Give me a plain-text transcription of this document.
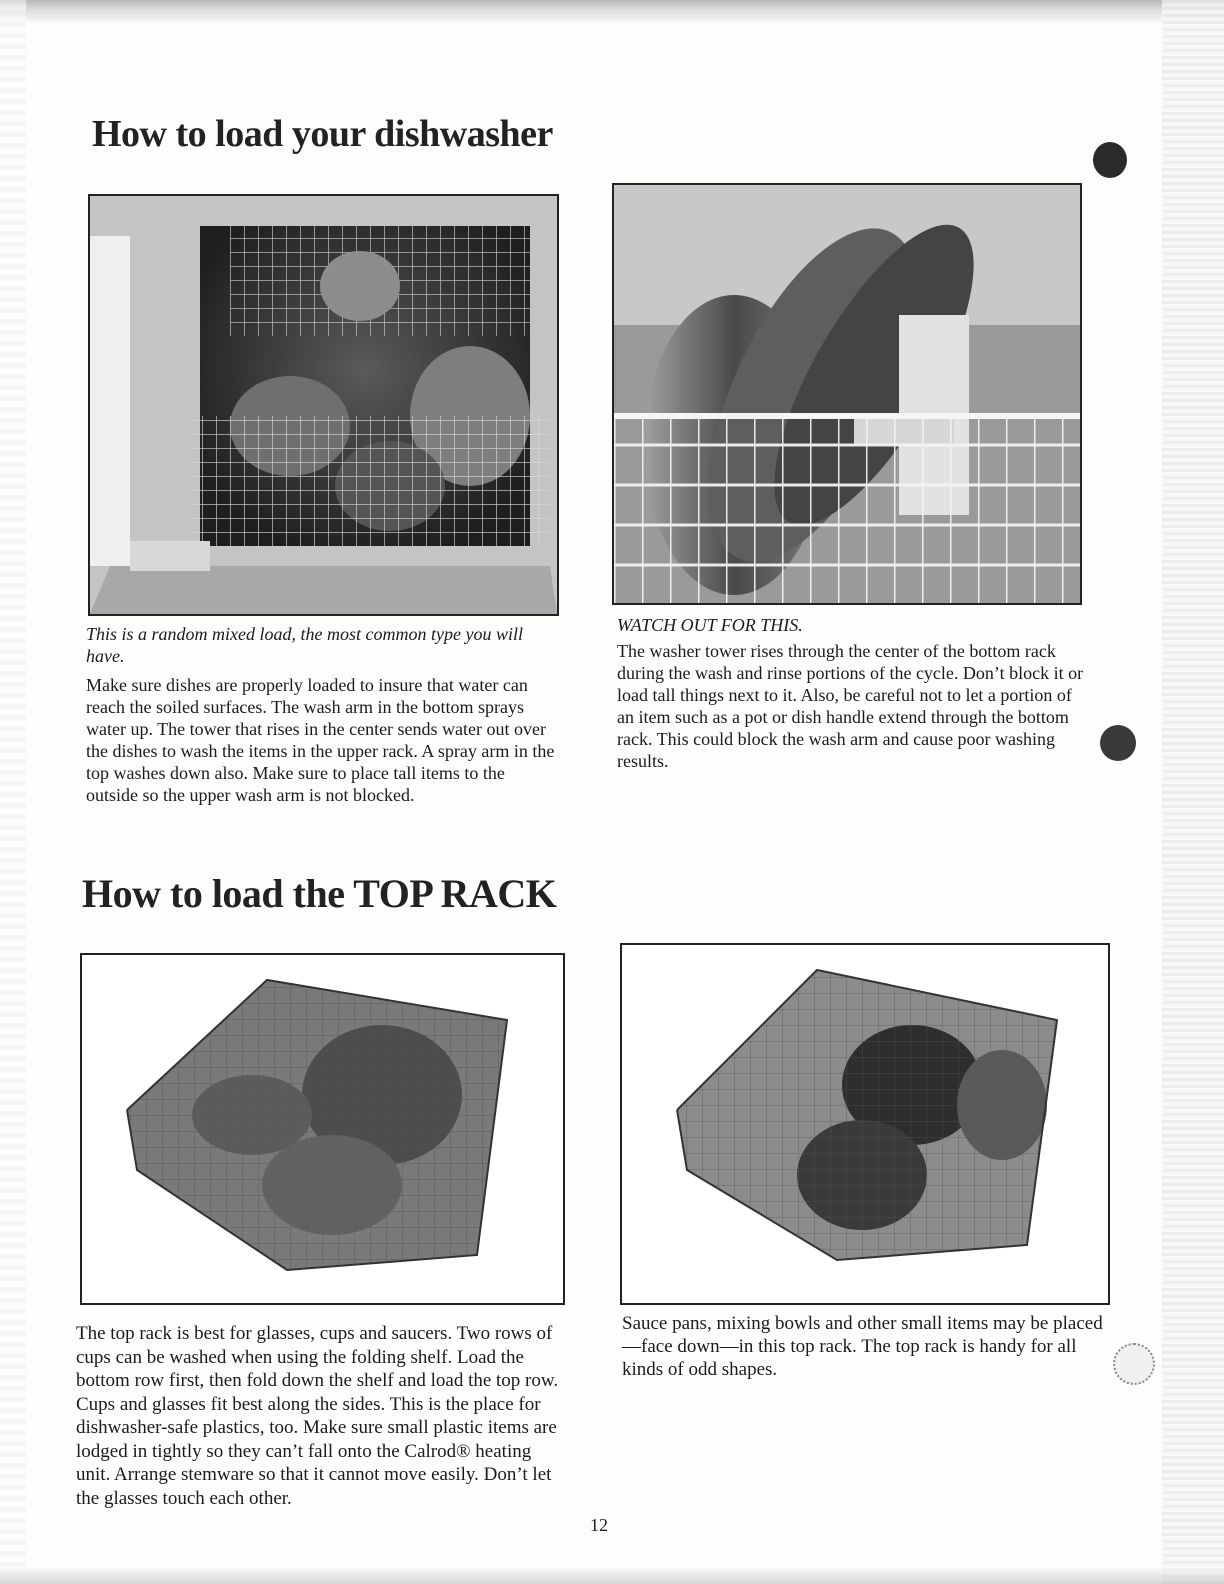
How to load your dishwasher
This is a random mixed load, the most common type you will have.

Make sure dishes are properly loaded to insure that water can reach the soiled surfaces. The wash arm in the bottom sprays water up. The tower that rises in the center sends water out over the dishes to wash the items in the upper rack. A spray arm in the top washes down also. Make sure to place tall items to the outside so the upper wash arm is not blocked.

WATCH OUT FOR THIS.

The washer tower rises through the center of the bottom rack during the wash and rinse portions of the cycle. Don’t block it or load tall things next to it. Also, be careful not to let a portion of an item such as a pot or dish handle extend through the bottom rack. This could block the wash arm and cause poor washing results.

How to load the TOP RACK

The top rack is best for glasses, cups and saucers. Two rows of cups can be washed when using the folding shelf. Load the bottom row first, then fold down the shelf and load the top row. Cups and glasses fit best along the sides. This is the place for dishwasher-safe plastics, too. Make sure small plastic items are lodged in tightly so they can’t fall onto the Calrod® heating unit. Arrange stemware so that it cannot move easily. Don’t let the glasses touch each other.

Sauce pans, mixing bowls and other small items may be placed—face down—in this top rack. The top rack is handy for all kinds of odd shapes.

12
